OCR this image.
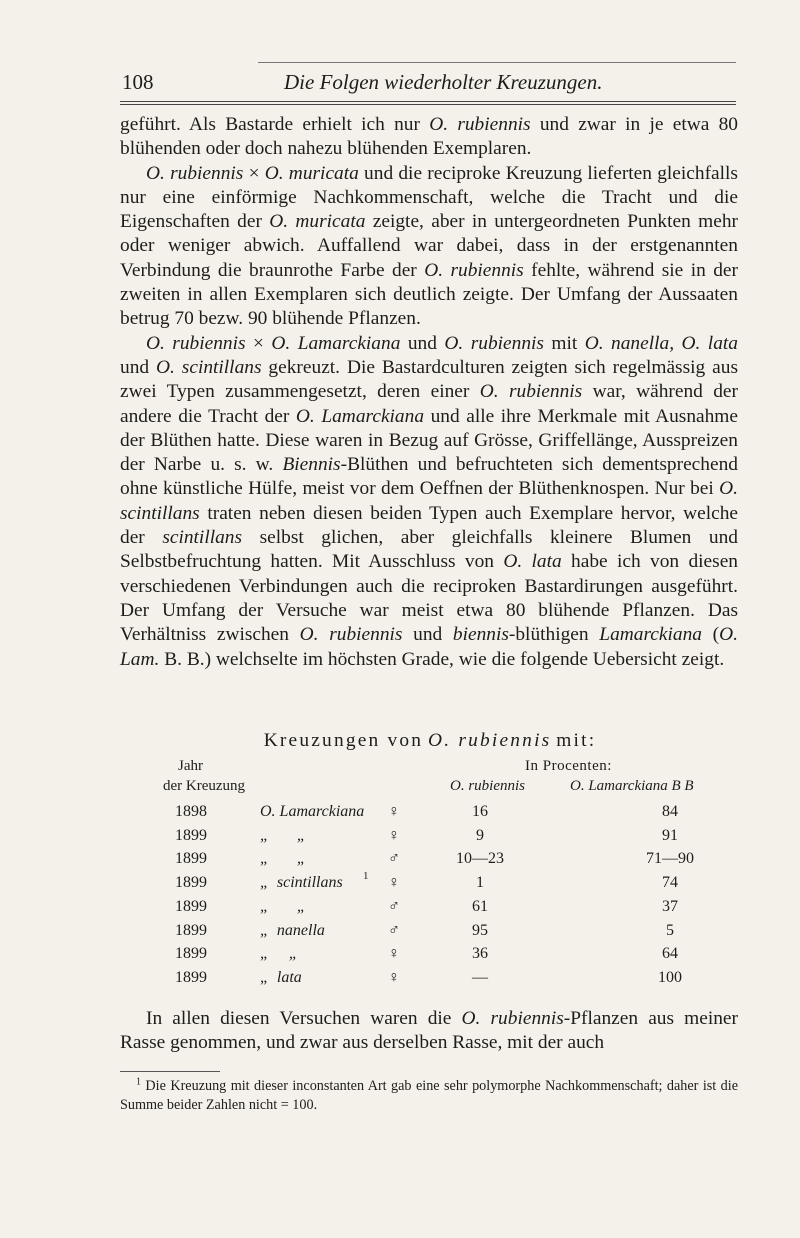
108	Die Folgen wiederholter Kreuzungen.

geführt. Als Bastarde erhielt ich nur O. rubiennis und zwar in je etwa 80 blühenden oder doch nahezu blühenden Exemplaren.

O. rubiennis × O. muricata und die reciproke Kreuzung lieferten gleichfalls nur eine einförmige Nachkommenschaft, welche die Tracht und die Eigenschaften der O. muricata zeigte, aber in untergeordneten Punkten mehr oder weniger abwich. Auffallend war dabei, dass in der erstgenannten Verbindung die braunrothe Farbe der O. rubiennis fehlte, während sie in der zweiten in allen Exemplaren sich deutlich zeigte. Der Umfang der Aussaaten betrug 70 bezw. 90 blühende Pflanzen.

O. rubiennis × O. Lamarckiana und O. rubiennis mit O. nanella, O. lata und O. scintillans gekreuzt. Die Bastardculturen zeigten sich regelmässig aus zwei Typen zusammengesetzt, deren einer O. rubiennis war, während der andere die Tracht der O. Lamarckiana und alle ihre Merkmale mit Ausnahme der Blüthen hatte. Diese waren in Bezug auf Grösse, Griffellänge, Ausspreizen der Narbe u. s. w. Biennis-Blüthen und befruchteten sich dementsprechend ohne künstliche Hülfe, meist vor dem Oeffnen der Blüthenknospen. Nur bei O. scintillans traten neben diesen beiden Typen auch Exemplare hervor, welche der scintillans selbst glichen, aber gleichfalls kleinere Blumen und Selbstbefruchtung hatten. Mit Ausschluss von O. lata habe ich von diesen verschiedenen Verbindungen auch die reciproken Bastardirungen ausgeführt. Der Umfang der Versuche war meist etwa 80 blühende Pflanzen. Das Verhältniss zwischen O. rubiennis und biennis-blüthigen Lamarckiana (O. Lam. B. B.) welchselte im höchsten Grade, wie die folgende Uebersicht zeigt.

Kreuzungen von O. rubiennis mit:
Jahr
der Kreuzung
In Procenten:
O. rubiennis	O. Lamarckiana B B
1898	O. Lamarckiana ♀	16	84
1899	„       „	♀	9	91
1899	„       „	♂	10—23	71—90
1899	„  scintillans 1 ♀	1	74
1899	„       „	♂	61	37
1899	„  nanella	♂	95	5
1899	„     „	♀	36	64
1899	„  lata	♀	—	100
In allen diesen Versuchen waren die O. rubiennis-Pflanzen aus meiner Rasse genommen, und zwar aus derselben Rasse, mit der auch

$^1$ Die Kreuzung mit dieser inconstanten Art gab eine sehr polymorphe Nachkommenschaft; daher ist die Summe beider Zahlen nicht = 100.
